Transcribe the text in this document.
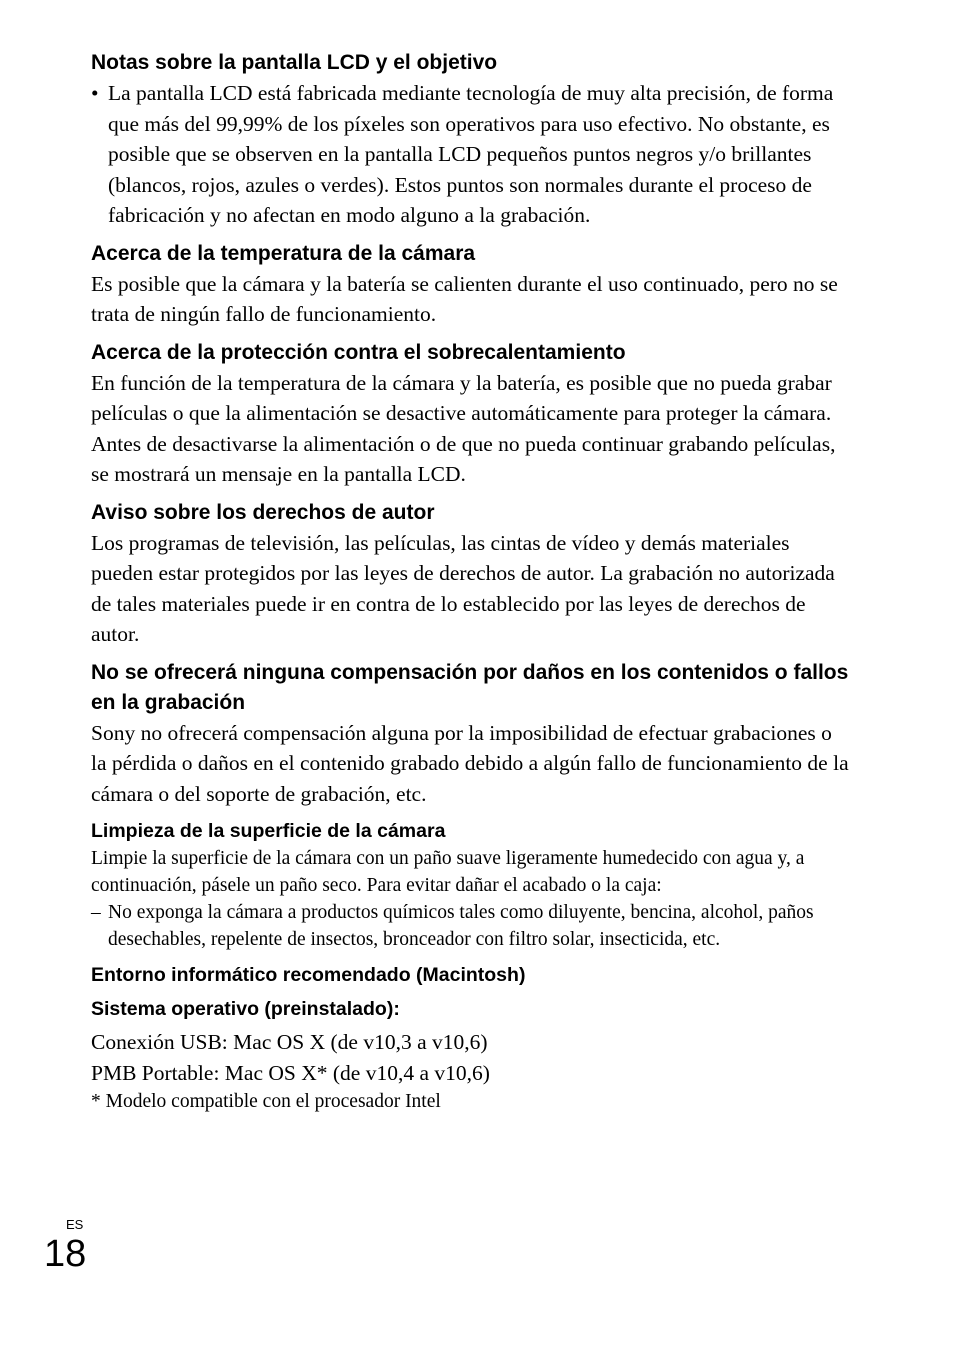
Notas sobre la pantalla LCD y el objetivo
• La pantalla LCD está fabricada mediante tecnología de muy alta precisión, de forma que más del 99,99% de los píxeles son operativos para uso efectivo. No obstante, es posible que se observen en la pantalla LCD pequeños puntos negros y/o brillantes (blancos, rojos, azules o verdes). Estos puntos son normales durante el proceso de fabricación y no afectan en modo alguno a la grabación.
Acerca de la temperatura de la cámara

Es posible que la cámara y la batería se calienten durante el uso continuado, pero no se trata de ningún fallo de funcionamiento.

Acerca de la protección contra el sobrecalentamiento

En función de la temperatura de la cámara y la batería, es posible que no pueda grabar películas o que la alimentación se desactive automáticamente para proteger la cámara.

Antes de desactivarse la alimentación o de que no pueda continuar grabando películas, se mostrará un mensaje en la pantalla LCD.

Aviso sobre los derechos de autor

Los programas de televisión, las películas, las cintas de vídeo y demás materiales pueden estar protegidos por las leyes de derechos de autor. La grabación no autorizada de tales materiales puede ir en contra de lo establecido por las leyes de derechos de autor.

No se ofrecerá ninguna compensación por daños en los contenidos o fallos en la grabación

Sony no ofrecerá compensación alguna por la imposibilidad de efectuar grabaciones o la pérdida o daños en el contenido grabado debido a algún fallo de funcionamiento de la cámara o del soporte de grabación, etc.

Limpieza de la superficie de la cámara

Limpie la superficie de la cámara con un paño suave ligeramente humedecido con agua y, a continuación, pásele un paño seco. Para evitar dañar el acabado o la caja:

– No exponga la cámara a productos químicos tales como diluyente, bencina, alcohol, paños desechables, repelente de insectos, bronceador con filtro solar, insecticida, etc.
Entorno informático recomendado (Macintosh)
Sistema operativo (preinstalado):

Conexión USB: Mac OS X (de v10,3 a v10,6)

PMB Portable: Mac OS X* (de v10,4 a v10,6)

* Modelo compatible con el procesador Intel

ES
18
